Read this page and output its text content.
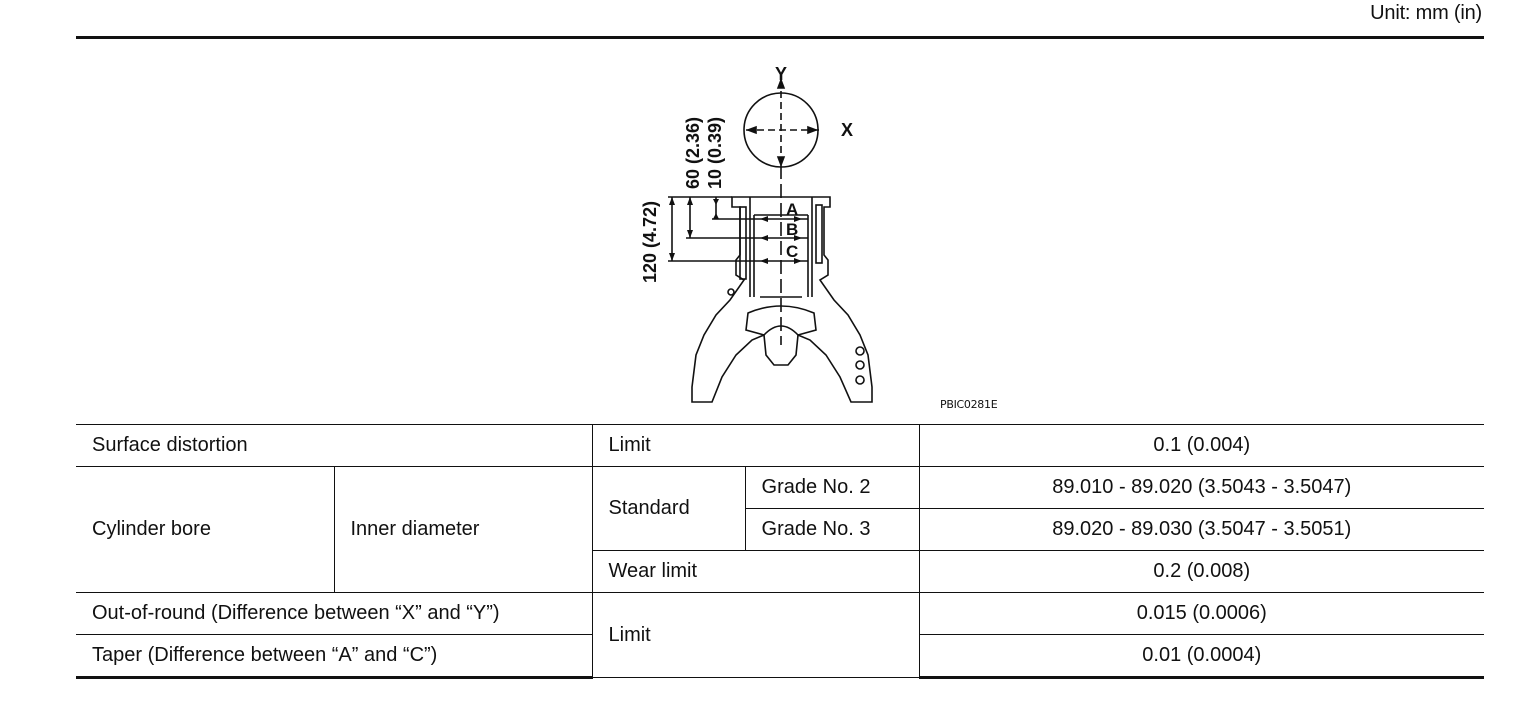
Unit: mm (in)
Y
X
A
B
C
60 (2.36) 10 (0.39)
120 (4.72)
PBIC0281E
Surface distortion		Limit		0.1 (0.004)
Cylinder bore	Inner diameter	Standard	Grade No. 2	89.010 - 89.020 (3.5043 - 3.5047)
			Grade No. 3	89.020 - 89.030 (3.5047 - 3.5051)
		Wear limit		0.2 (0.008)
Out-of-round (Difference between “X” and “Y”)		Limit		0.015 (0.0006)
Taper (Difference between “A” and “C”)				0.01 (0.0004)
